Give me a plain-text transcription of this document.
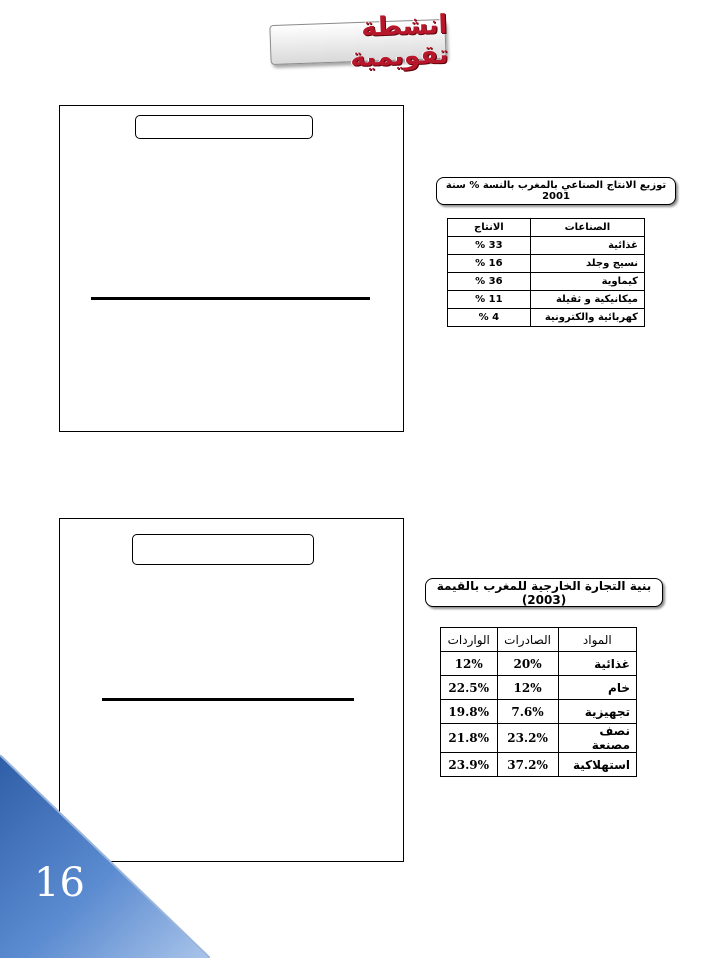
انشطة تقويمية
توزيع الانتاج الصناعي بالمغرب بالنسة % سنة 2001
الصناعات	الانتاج
غذائية	33 %
نسيج وجلد	16 %
كيماوية	36 %
ميكانيكية و ثقيلة	11 %
كهربائية والكترونية	4 %
بنية التجارة الخارجية للمغرب بالقيمة (2003)
المواد	الصادرات	الواردات
غذائية	20%	12%
خام	12%	22.5%
تجهيزية	7.6%	19.8%
نصف مصنعة	23.2%	21.8%
استهلاكية	37.2%	23.9%
16
